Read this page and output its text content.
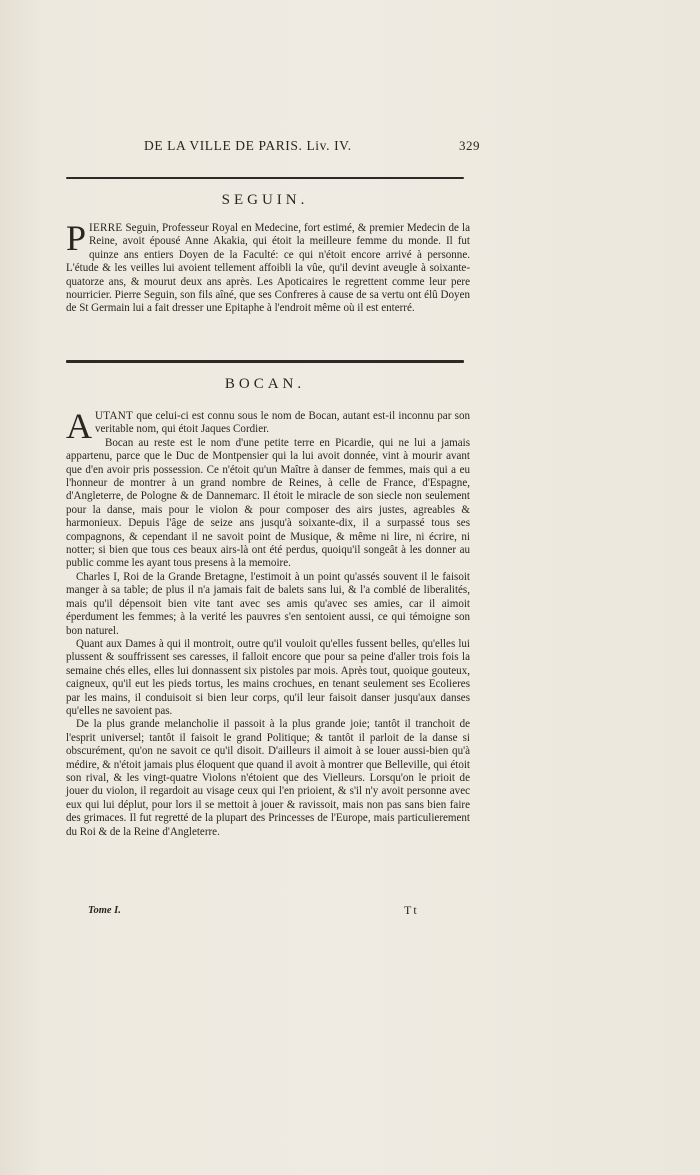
DE LA VILLE DE PARIS. Liv. IV.	329
SEGUIN.

PIERRE Seguin, Professeur Royal en Medecine, fort estimé, & premier Medecin de la Reine, avoit épousé Anne Akakia, qui étoit la meilleure femme du monde. Il fut quinze ans entiers Doyen de la Faculté: ce qui n'étoit encore arrivé à personne. L'étude & les veilles lui avoient tellement affoibli la vûe, qu'il devint aveugle à soixante-quatorze ans, & mourut deux ans après. Les Apoticaires le regrettent comme leur pere nourricier. Pierre Seguin, son fils aîné, que ses Confreres à cause de sa vertu ont élû Doyen de St Germain lui a fait dresser une Epitaphe à l'endroit même où il est enterré.

BOCAN.

AUTANT que celui-ci est connu sous le nom de Bocan, autant est-il inconnu par son veritable nom, qui étoit Jaques Cordier.

Bocan au reste est le nom d'une petite terre en Picardie, qui ne lui a jamais appartenu, parce que le Duc de Montpensier qui la lui avoit donnée, vint à mourir avant que d'en avoir pris possession. Ce n'étoit qu'un Maître à danser de femmes, mais qui a eu l'honneur de montrer à un grand nombre de Reines, à celle de France, d'Espagne, d'Angleterre, de Pologne & de Dannemarc. Il étoit le miracle de son siecle non seulement pour la danse, mais pour le violon & pour composer des airs justes, agreables & harmonieux. Depuis l'âge de seize ans jusqu'à soixante-dix, il a surpassé tous ses compagnons, & cependant il ne savoit point de Musique, & même ni lire, ni écrire, ni notter; si bien que tous ces beaux airs-là ont été perdus, quoiqu'il songeât à les donner au public comme les ayant tous presens à la memoire.

Charles I, Roi de la Grande Bretagne, l'estimoit à un point qu'assés souvent il le faisoit manger à sa table; de plus il n'a jamais fait de balets sans lui, & l'a comblé de liberalités, mais qu'il dépensoit bien vite tant avec ses amis qu'avec ses amies, car il aimoit éperdument les femmes; à la verité les pauvres s'en sentoient aussi, ce qui témoigne son bon naturel.

Quant aux Dames à qui il montroit, outre qu'il vouloit qu'elles fussent belles, qu'elles lui plussent & souffrissent ses caresses, il falloit encore que pour sa peine d'aller trois fois la semaine chés elles, elles lui donnassent six pistoles par mois. Après tout, quoique gouteux, caigneux, qu'il eut les pieds tortus, les mains crochues, en tenant seulement ses Ecolieres par les mains, il conduisoit si bien leur corps, qu'il leur faisoit danser jusqu'aux danses qu'elles ne savoient pas.

De la plus grande melancholie il passoit à la plus grande joie; tantôt il tranchoit de l'esprit universel; tantôt il faisoit le grand Politique; & tantôt il parloit de la danse si obscurément, qu'on ne savoit ce qu'il disoit. D'ailleurs il aimoit à se louer aussi-bien qu'à médire, & n'étoit jamais plus éloquent que quand il avoit à montrer que Belleville, qui étoit son rival, & les vingt-quatre Violons n'étoient que des Vielleurs. Lorsqu'on le prioit de jouer du violon, il regardoit au visage ceux qui l'en prioient, & s'il n'y avoit personne avec eux qui lui déplut, pour lors il se mettoit à jouer & ravissoit, mais non pas sans bien faire des grimaces. Il fut regretté de la plupart des Princesses de l'Europe, mais particulierement du Roi & de la Reine d'Angleterre.

Tome I.	Tt
